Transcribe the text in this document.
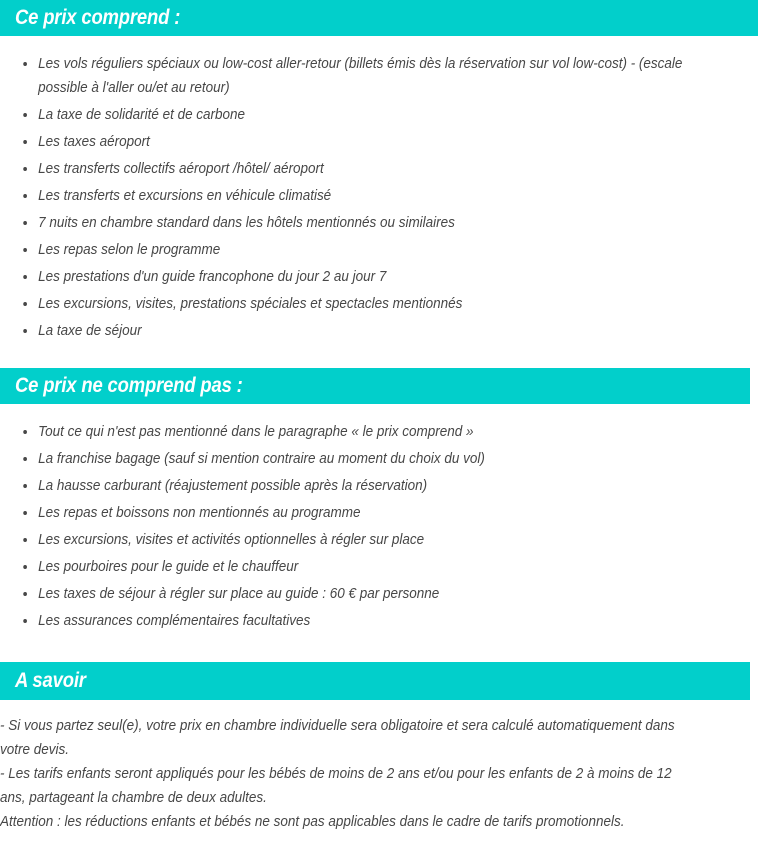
Ce prix comprend :
Les vols réguliers spéciaux ou low-cost aller-retour (billets émis dès la réservation sur vol low-cost) - (escale possible à l'aller ou/et au retour)
La taxe de solidarité et de carbone
Les taxes aéroport
Les transferts collectifs aéroport /hôtel/ aéroport
Les transferts et excursions en véhicule climatisé
7 nuits en chambre standard dans les hôtels mentionnés ou similaires
Les repas selon le programme
Les prestations d'un guide francophone du jour 2 au jour 7
Les excursions, visites, prestations spéciales et spectacles mentionnés
La taxe de séjour
Ce prix ne comprend pas :
Tout ce qui n'est pas mentionné dans le paragraphe « le prix comprend »
La franchise bagage (sauf si mention contraire au moment du choix du vol)
La hausse carburant (réajustement possible après la réservation)
Les repas et boissons non mentionnés au programme
Les excursions, visites et activités optionnelles à régler sur place
Les pourboires pour le guide et le chauffeur
Les taxes de séjour à régler sur place au guide : 60 € par personne
Les assurances complémentaires facultatives
A savoir

- Si vous partez seul(e), votre prix en chambre individuelle sera obligatoire et sera calculé automatiquement dans votre devis.

- Les tarifs enfants seront appliqués pour les bébés de moins de 2 ans et/ou pour les enfants de 2 à moins de 12 ans, partageant la chambre de deux adultes.

Attention : les réductions enfants et bébés ne sont pas applicables dans le cadre de tarifs promotionnels.
